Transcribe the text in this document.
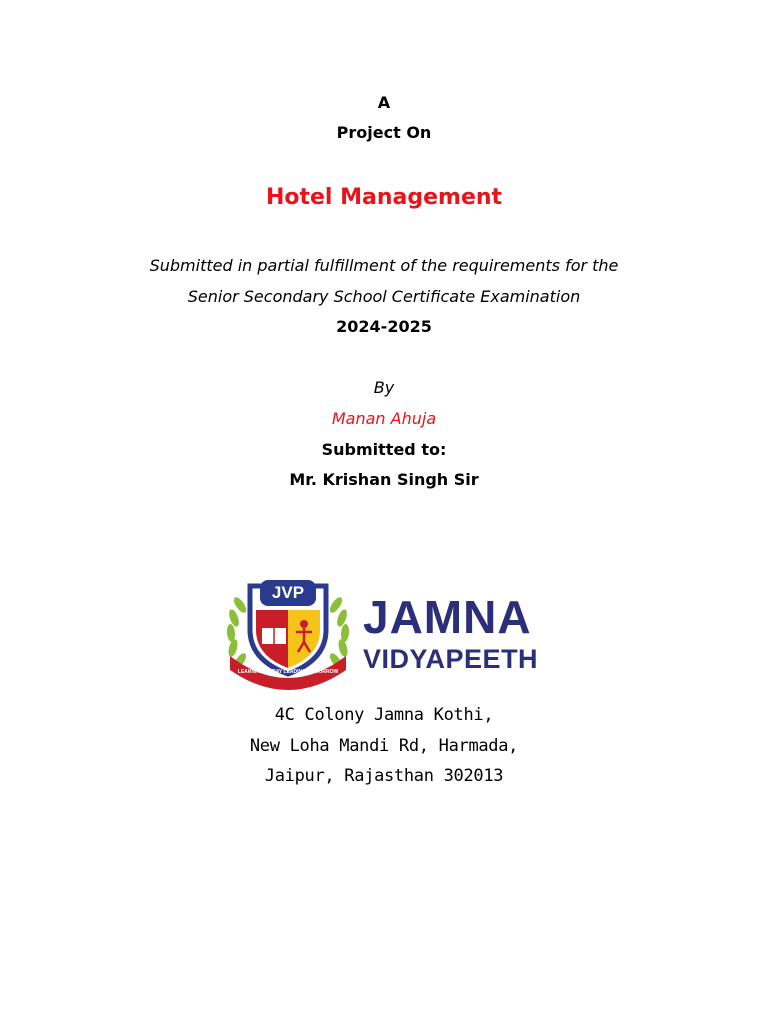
A
Project On
Hotel Management
Submitted in partial fulfillment of the requirements for the
Senior Secondary School Certificate Examination
2024-2025
By
Manan Ahuja
Submitted to:
Mr. Krishan Singh Sir
JVP
LEARNING TODAY LEADING TOMORROW
JAMNA
VIDYAPEETH
4C Colony Jamna Kothi,
New Loha Mandi Rd, Harmada,
Jaipur, Rajasthan 302013
